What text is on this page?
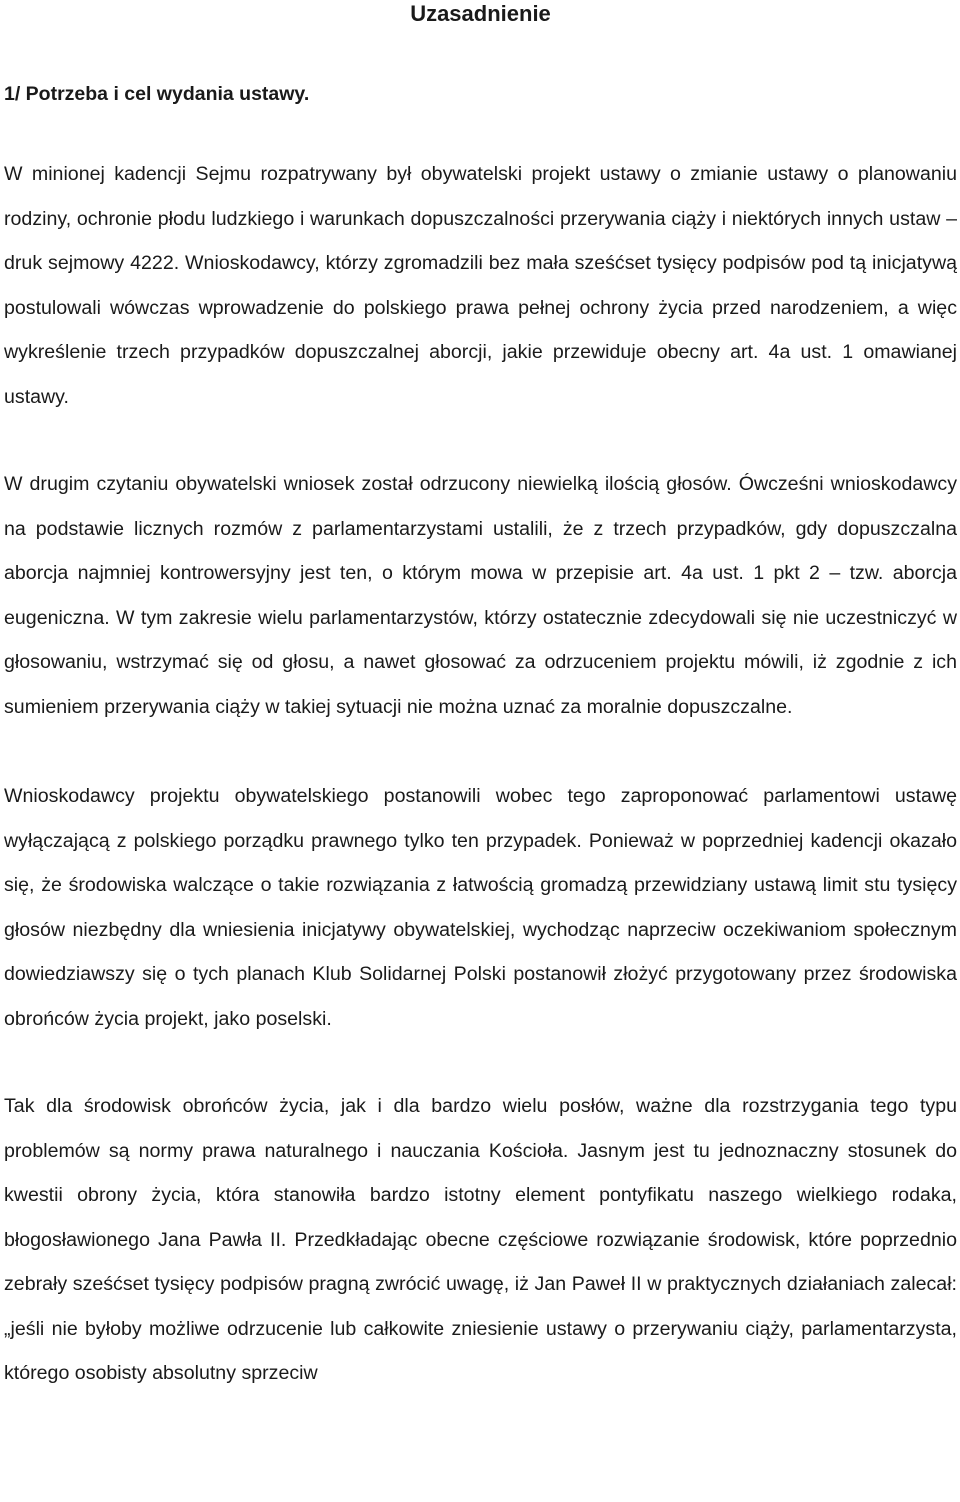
Uzasadnienie
1/ Potrzeba i cel wydania ustawy.

W minionej kadencji Sejmu rozpatrywany był obywatelski projekt ustawy o zmianie ustawy o planowaniu rodziny, ochronie płodu ludzkiego i warunkach dopuszczalności przerywania ciąży i niektórych innych ustaw – druk sejmowy 4222. Wnioskodawcy, którzy zgromadzili bez mała sześćset tysięcy podpisów pod tą inicjatywą postulowali wówczas wprowadzenie do polskiego prawa pełnej ochrony życia przed narodzeniem, a więc wykreślenie trzech przypadków dopuszczalnej aborcji, jakie przewiduje obecny art. 4a ust. 1 omawianej ustawy.

W drugim czytaniu obywatelski wniosek został odrzucony niewielką ilością głosów. Ówcześni wnioskodawcy na podstawie licznych rozmów z parlamentarzystami ustalili, że z trzech przypadków, gdy dopuszczalna aborcja najmniej kontrowersyjny jest ten, o którym mowa w przepisie art. 4a ust. 1 pkt 2 – tzw. aborcja eugeniczna. W tym zakresie wielu parlamentarzystów, którzy ostatecznie zdecydowali się nie uczestniczyć w głosowaniu, wstrzymać się od głosu, a nawet głosować za odrzuceniem projektu mówili, iż zgodnie z ich sumieniem przerywania ciąży w takiej sytuacji nie można uznać za moralnie dopuszczalne.

Wnioskodawcy projektu obywatelskiego postanowili wobec tego zaproponować parlamentowi ustawę wyłączającą z polskiego porządku prawnego tylko ten przypadek. Ponieważ w poprzedniej kadencji okazało się, że środowiska walczące o takie rozwiązania z łatwością gromadzą przewidziany ustawą limit stu tysięcy głosów niezbędny dla wniesienia inicjatywy obywatelskiej, wychodząc naprzeciw oczekiwaniom społecznym dowiedziawszy się o tych planach Klub Solidarnej Polski postanowił złożyć przygotowany przez środowiska obrońców życia projekt, jako poselski.

Tak dla środowisk obrońców życia, jak i dla bardzo wielu posłów, ważne dla rozstrzygania tego typu problemów są normy prawa naturalnego i nauczania Kościoła. Jasnym jest tu jednoznaczny stosunek do kwestii obrony życia, która stanowiła bardzo istotny element pontyfikatu naszego wielkiego rodaka, błogosławionego Jana Pawła II. Przedkładając obecne częściowe rozwiązanie środowisk, które poprzednio zebrały sześćset tysięcy podpisów pragną zwrócić uwagę, iż Jan Paweł II w praktycznych działaniach zalecał: „jeśli nie byłoby możliwe odrzucenie lub całkowite zniesienie ustawy o przerywaniu ciąży, parlamentarzysta, którego osobisty absolutny sprzeciw
